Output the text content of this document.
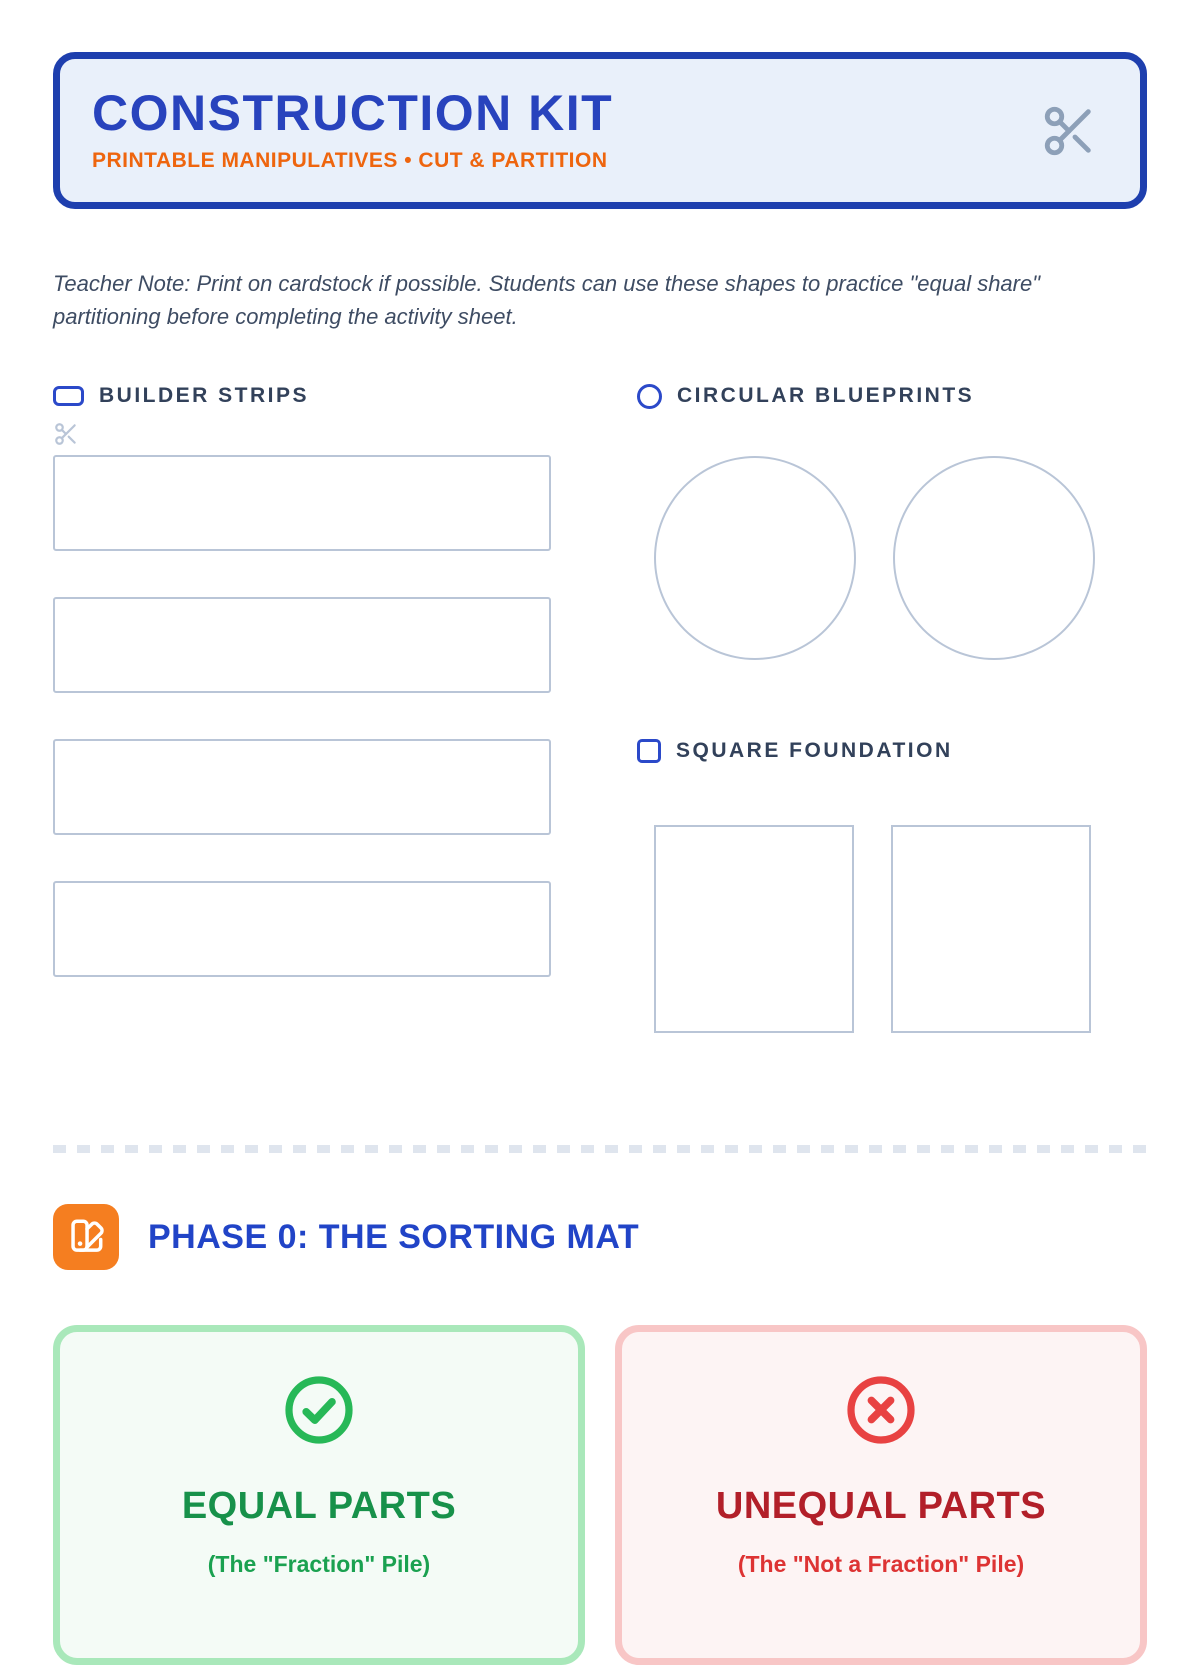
CONSTRUCTION KIT
PRINTABLE MANIPULATIVES • CUT & PARTITION

Teacher Note: Print on cardstock if possible. Students can use these shapes to practice "equal share" partitioning before completing the activity sheet.

BUILDER STRIPS	CIRCULAR BLUEPRINTS
SQUARE FOUNDATION
PHASE 0: THE SORTING MAT
EQUAL PARTS
(The "Fraction" Pile)
UNEQUAL PARTS
(The "Not a Fraction" Pile)
